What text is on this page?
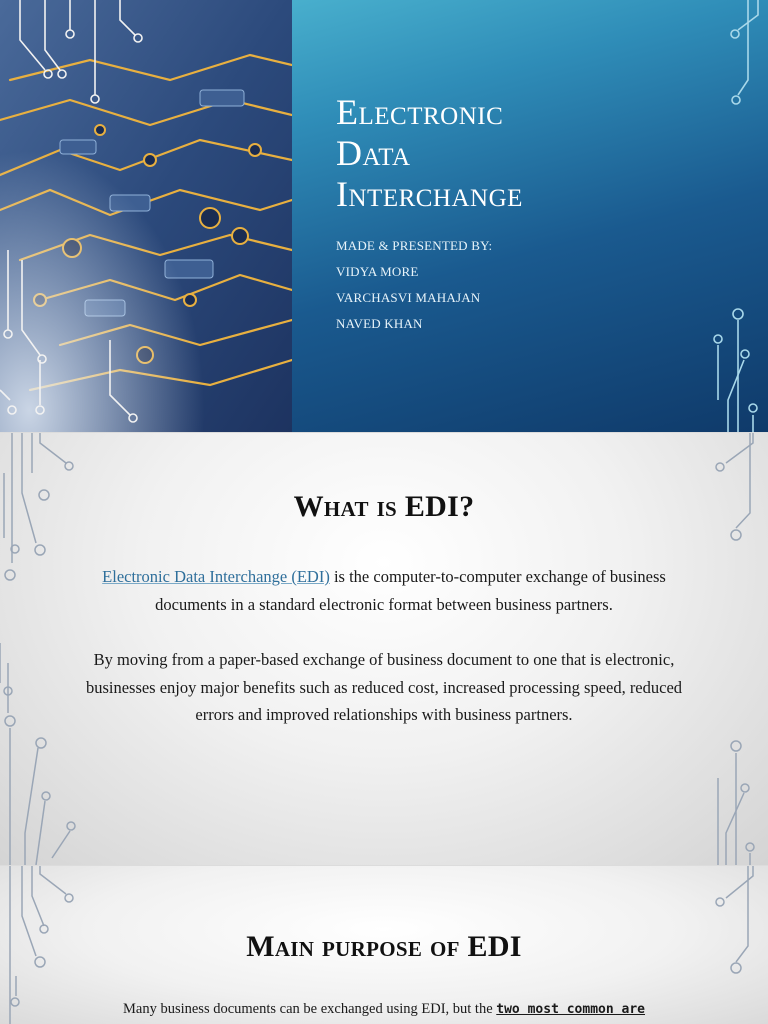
Electronic
Data
Interchange
MADE & PRESENTED BY:
VIDYA MORE
VARCHASVI MAHAJAN
NAVED KHAN
What is EDI?

Electronic Data Interchange (EDI) is the computer-to-computer exchange of business documents in a standard electronic format between business partners.

By moving from a paper-based exchange of business document to one that is electronic, businesses enjoy major benefits such as reduced cost, increased processing speed, reduced errors and improved relationships with business partners.

Main purpose of EDI
Many business documents can be exchanged using EDI, but the two most common are
